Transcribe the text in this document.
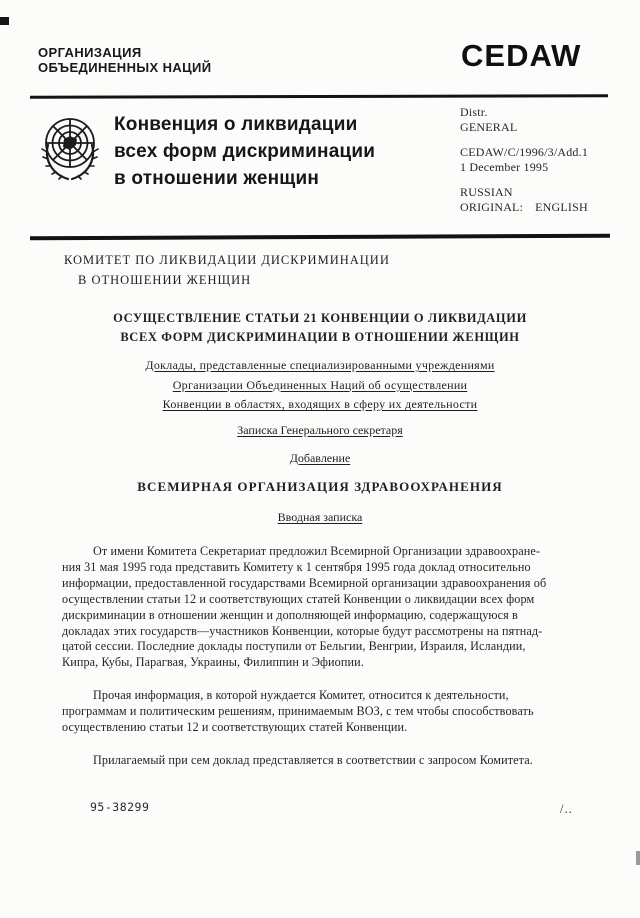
ОРГАНИЗАЦИЯ
ОБЪЕДИНЕННЫХ НАЦИЙ	CEDAW
Конвенция о ликвидации
всех форм дискриминации
в отношении женщин
Distr.
GENERAL
CEDAW/C/1996/3/Add.1
1 December 1995
RUSSIAN
ORIGINAL: ENGLISH
КОМИТЕТ ПО ЛИКВИДАЦИИ ДИСКРИМИНАЦИИ
В ОТНОШЕНИИ ЖЕНЩИН
ОСУЩЕСТВЛЕНИЕ СТАТЬИ 21 КОНВЕНЦИИ О ЛИКВИДАЦИИ
ВСЕХ ФОРМ ДИСКРИМИНАЦИИ В ОТНОШЕНИИ ЖЕНЩИН
Доклады, представленные специализированными учреждениями
Организации Объединенных Наций об осуществлении
Конвенции в областях, входящих в сферу их деятельности
Записка Генерального секретаря
Добавление
ВСЕМИРНАЯ ОРГАНИЗАЦИЯ ЗДРАВООХРАНЕНИЯ
Вводная записка
От имени Комитета Секретариат предложил Всемирной Организации здравоохране-
ния 31 мая 1995 года представить Комитету к 1 сентября 1995 года доклад относительно
информации, предоставленной государствами Всемирной организации здравоохранения об
осуществлении статьи 12 и соответствующих статей Конвенции о ликвидации всех форм
дискриминации в отношении женщин и дополняющей информацию, содержащуюся в
докладах этих государств—участников Конвенции, которые будут рассмотрены на пятнад-
цатой сессии. Последние доклады поступили от Бельгии, Венгрии, Израиля, Исландии,
Кипра, Кубы, Парагвая, Украины, Филиппин и Эфиопии.
Прочая информация, в которой нуждается Комитет, относится к деятельности,
программам и политическим решениям, принимаемым ВОЗ, с тем чтобы способствовать
осуществлению статьи 12 и соответствующих статей Конвенции.
Прилагаемый при сем доклад представляется в соответствии с запросом Комитета.
95-38299	/..
